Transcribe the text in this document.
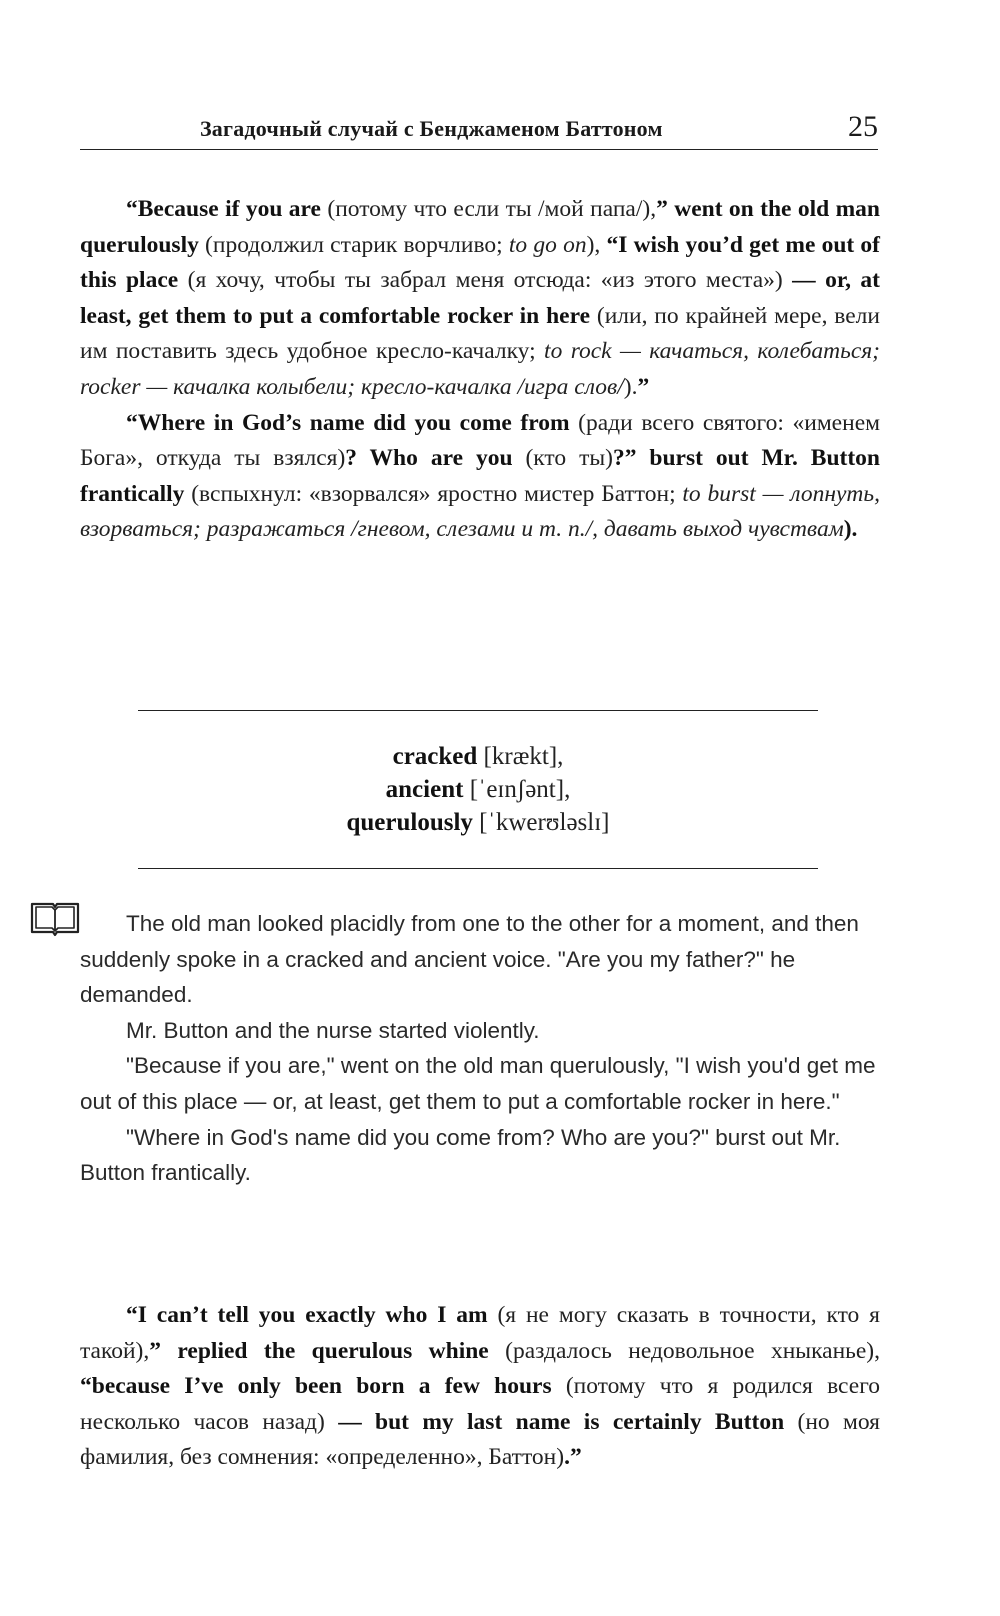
Загадочный случай с Бенджаменом Баттоном	25

“Because if you are (потому что если ты /мой папа/),” went on the old man querulously (продолжил старик ворчливо; to go on), “I wish you’d get me out of this place (я хочу, чтобы ты забрал меня отсюда: «из этого места») — or, at least, get them to put a comfortable rocker in here (или, по крайней мере, вели им поставить здесь удобное кресло-качалку; to rock — качаться, колебаться; rocker — качалка колыбели; кресло-качалка /игра слов/).”

“Where in God’s name did you come from (ради всего святого: «именем Бога», откуда ты взялся)? Who are you (кто ты)?” burst out Mr. Button frantically (вспыхнул: «взорвался» яростно мистер Баттон; to burst — лопнуть, взорваться; разражаться /гневом, слезами и т. п./, давать выход чувствам).

cracked [krækt],
ancient [ˈeɪnʃənt],
querulously [ˈkwerʊləslɪ]

The old man looked placidly from one to the other for a moment, and then suddenly spoke in a cracked and ancient voice. "Are you my father?" he demanded.

Mr. Button and the nurse started violently.

"Because if you are," went on the old man querulously, "I wish you'd get me out of this place — or, at least, get them to put a comfortable rocker in here."

"Where in God's name did you come from? Who are you?" burst out Mr. Button frantically.

“I can’t tell you exactly who I am (я не могу сказать в точности, кто я такой),” replied the querulous whine (раздалось недовольное хныканье), “because I’ve only been born a few hours (потому что я родился всего несколько часов назад) — but my last name is certainly Button (но моя фамилия, без сомнения: «определенно», Баттон).”
